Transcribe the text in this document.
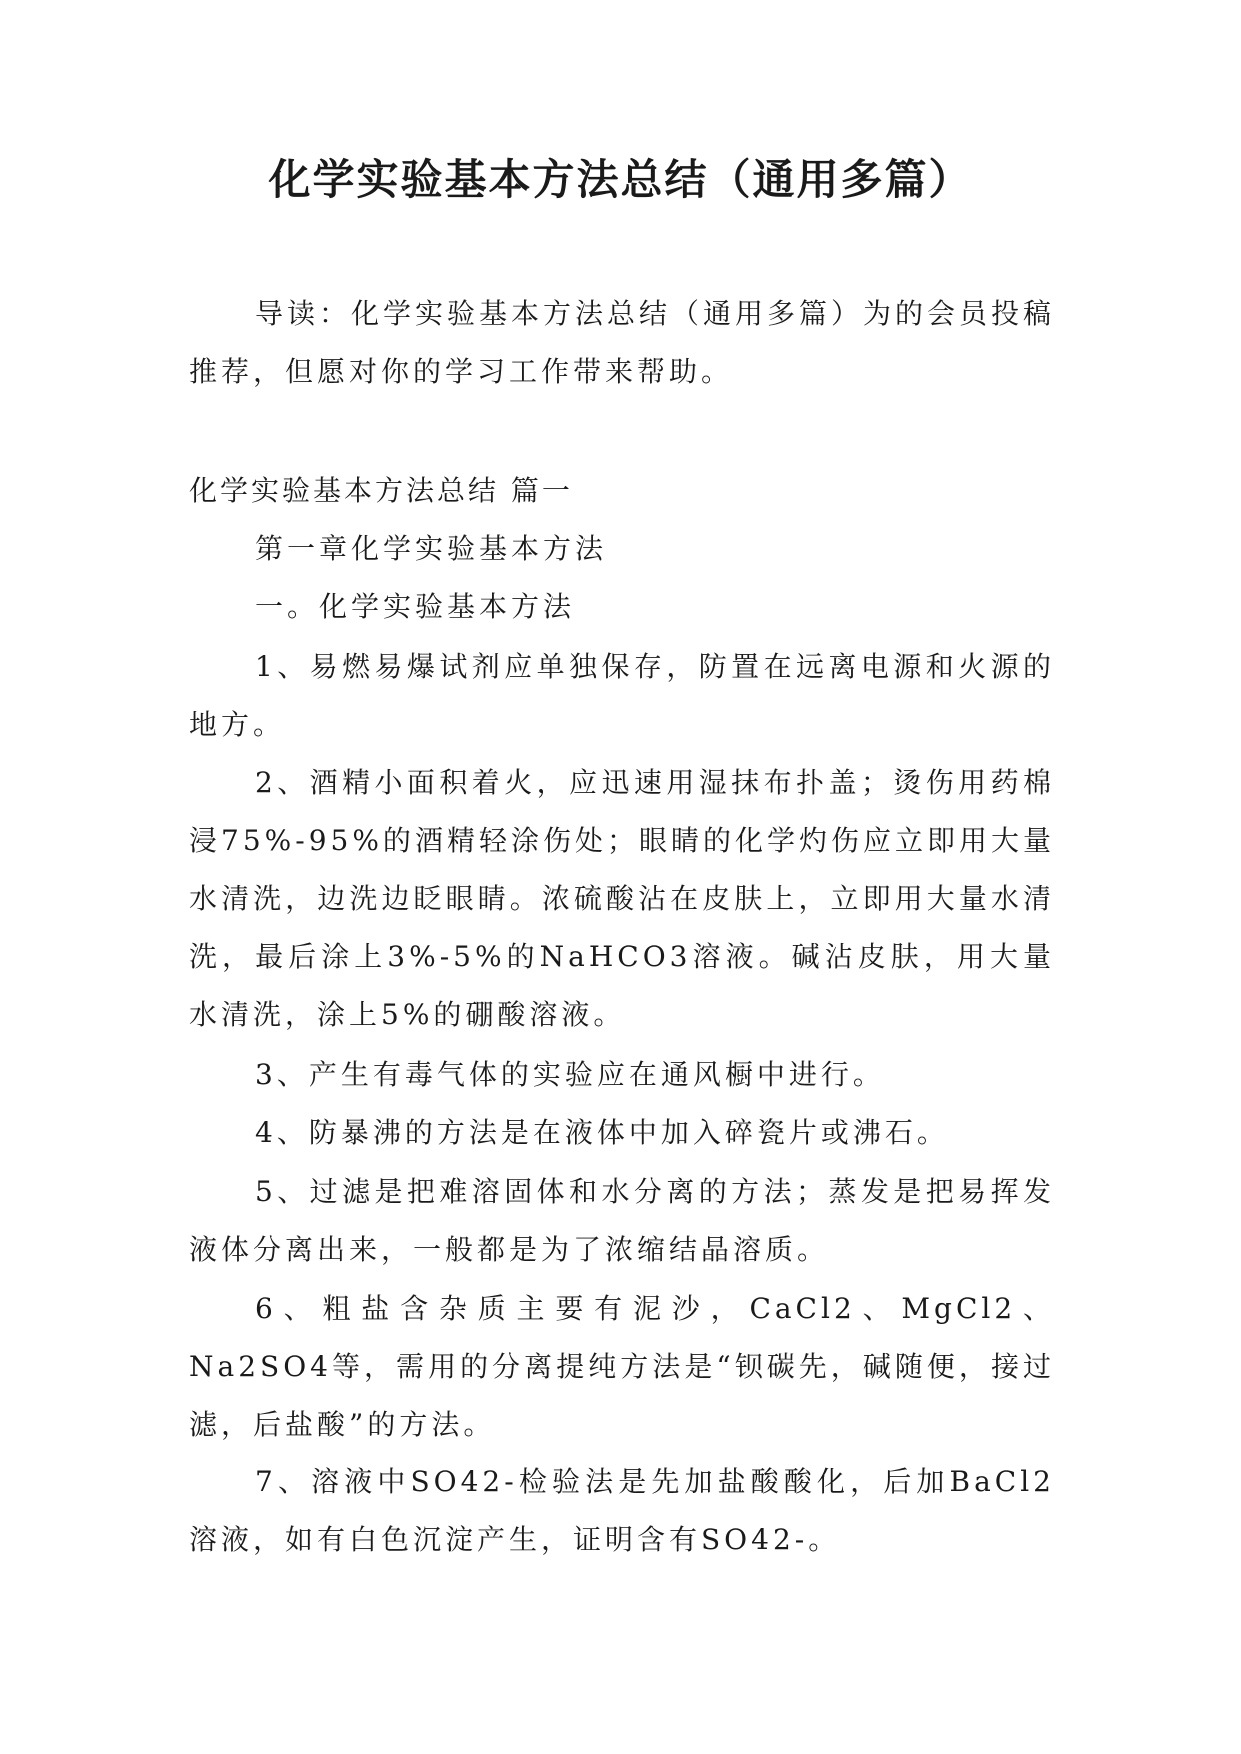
化学实验基本方法总结（通用多篇）

导读：化学实验基本方法总结（通用多篇）为的会员投稿推荐，但愿对你的学习工作带来帮助。

化学实验基本方法总结 篇一

第一章化学实验基本方法

一。化学实验基本方法

1、易燃易爆试剂应单独保存，防置在远离电源和火源的地方。

2、酒精小面积着火，应迅速用湿抹布扑盖；烫伤用药棉浸75%-95%的酒精轻涂伤处；眼睛的化学灼伤应立即用大量水清洗，边洗边眨眼睛。浓硫酸沾在皮肤上，立即用大量水清洗，最后涂上3%-5%的NaHCO3溶液。碱沾皮肤，用大量水清洗，涂上5%的硼酸溶液。

3、产生有毒气体的实验应在通风橱中进行。

4、防暴沸的方法是在液体中加入碎瓷片或沸石。

5、过滤是把难溶固体和水分离的方法；蒸发是把易挥发液体分离出来，一般都是为了浓缩结晶溶质。

6、粗盐含杂质主要有泥沙，CaCl2、MgCl2、Na2SO4等，需用的分离提纯方法是“钡碳先，碱随便，接过滤，后盐酸”的方法。

7、溶液中SO42-检验法是先加盐酸酸化，后加BaCl2溶液，如有白色沉淀产生，证明含有SO42-。
